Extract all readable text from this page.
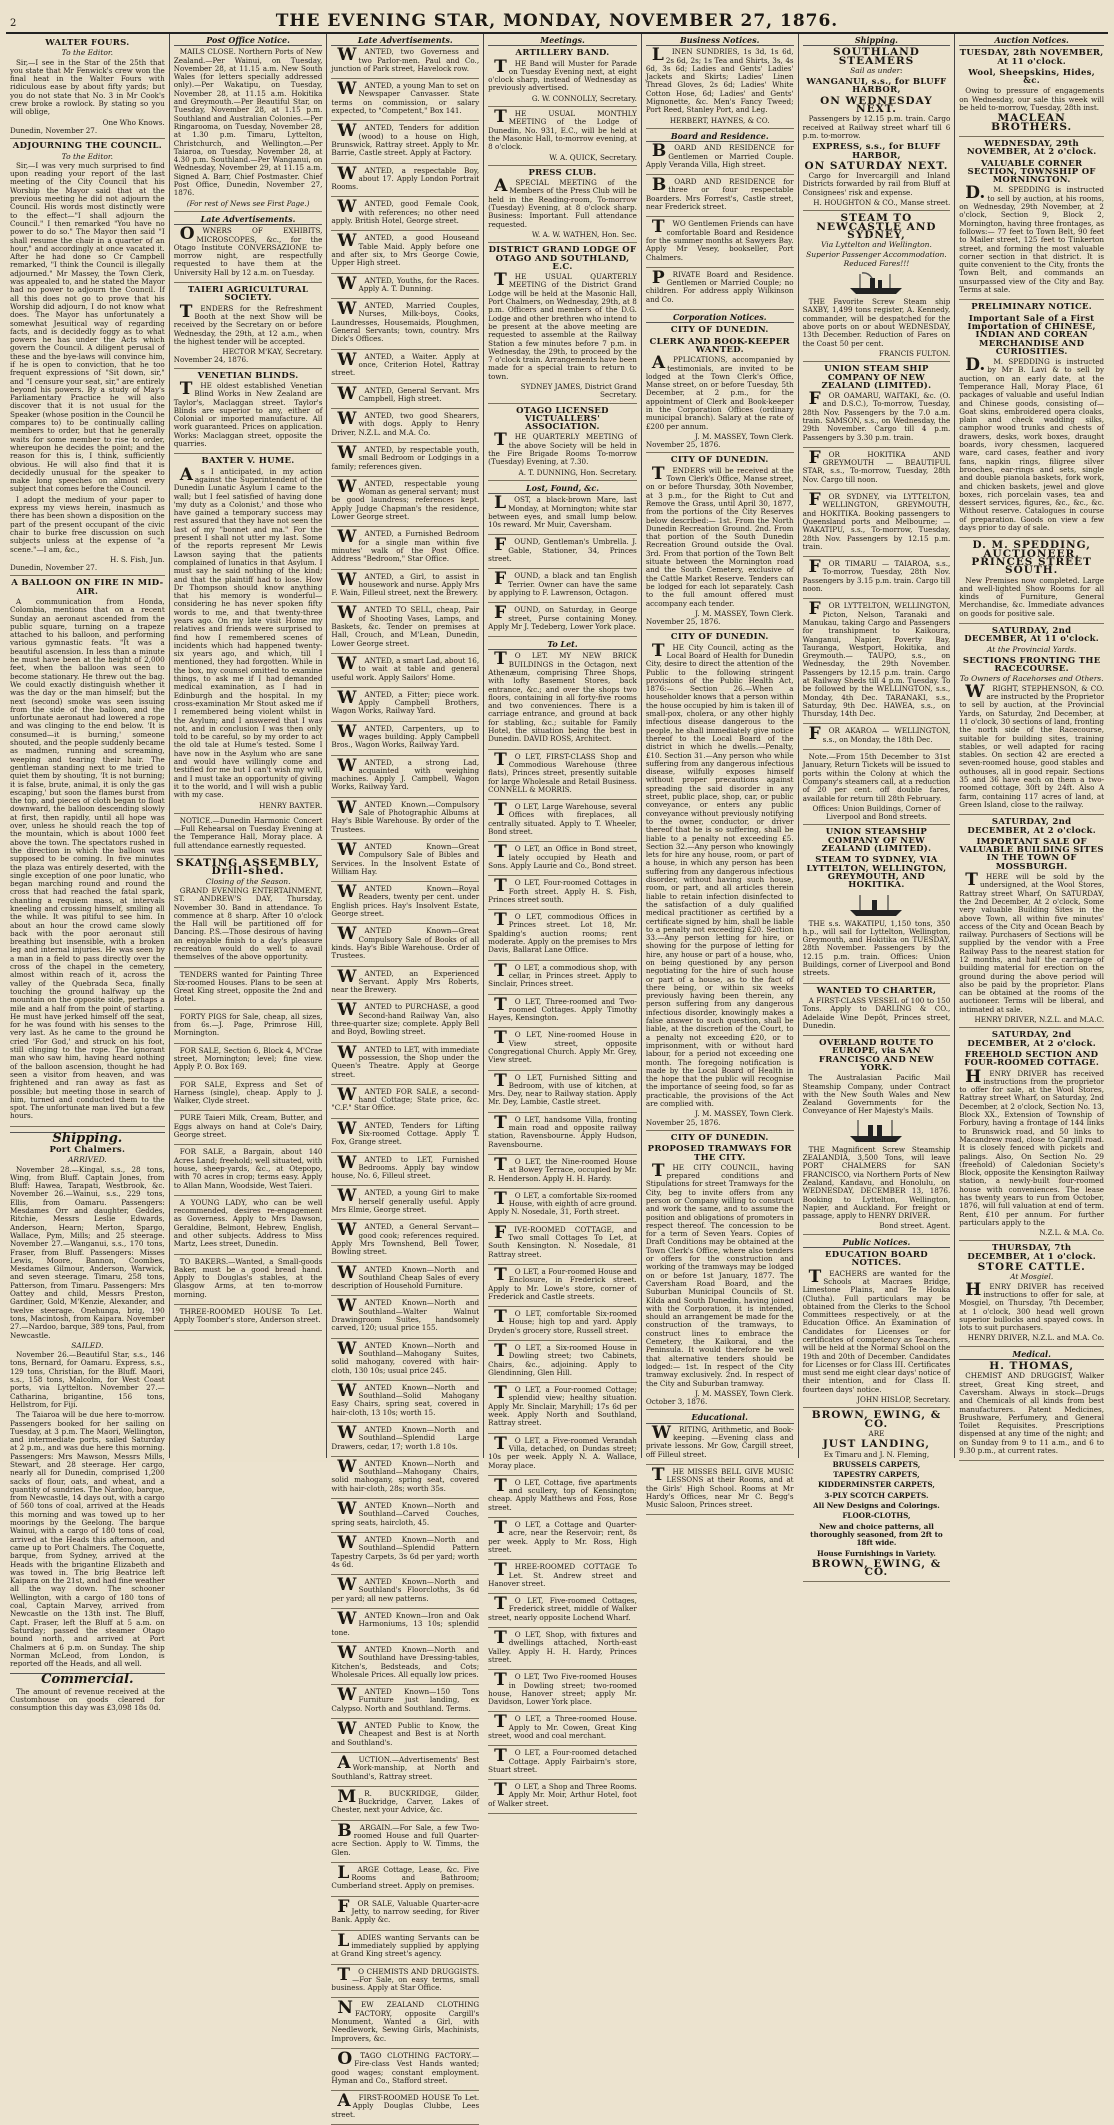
2	THE EVENING STAR, MONDAY, NOVEMBER 27, 1876.
WALTER FOURS.
To the Editor.

Sir,—I see in the Star of the 25th that you state that Mr Fenwick's crew won the final heat in the Walter Fours with ridiculous ease by about fifty yards; but you do not state that No. 3 in Mr Cook's crew broke a rowlock. By stating so you will oblige,

One Who Knows.
Dunedin, November 27.
ADJOURNING THE COUNCIL.
To the Editor.

Sir,—I was very much surprised to find upon reading your report of the last meeting of the City Council that his Worship the Mayor said that at the previous meeting he did not adjourn the Council. His words most distinctly were to the effect—"I shall adjourn the Council." I then remarked "You have no power to do so." The Mayor then said "I shall resume the chair in a quarter of an hour," and accordingly at once vacated it. After he had done so Cr Campbell remarked, "I think the Council is illegally adjourned." Mr Massey, the Town Clerk, was appealed to, and he stated the Mayor had no power to adjourn the Council. If all this does not go to prove that his Worship did adjourn, I do not know what does. The Mayor has unfortunately a somewhat Jesuitical way of regarding facts, and is decidedly foggy as to what powers he has under the Acts which govern the Council. A diligent perusal of these and the bye-laws will convince him, if he is open to conviction, that he too frequent expressions of "Sit down, sir," and "I censure your seat, sir," are entirely beyond his powers. By a study of May's Parliamentary Practice he will also discover that it is not usual for the Speaker (whose position in the Council he compares to) to be continually calling members to order, but that he generally waits for some member to rise to order, whereupon he decides the point; and the reason for this is, I think, sufficiently obvious. He will also find that it is decidedly unusual for the speaker to make long speeches on almost every subject that comes before the Council.

I adopt the medium of your paper to express my views herein, inasmuch as there has been shown a disposition on the part of the present occupant of the civic chair to burke free discussion on such subjects unless at the expense of "a scene."—I am, &c.,

H. S. Fish, Jun.
Dunedin, November 27.
A BALLOON ON FIRE IN MID-AIR.

A communication from Honda, Colombia, mentions that on a recent Sunday an aeronaut ascended from the public square, turning on a trapeze attached to his balloon, and performing various gymnastic feats. "It was a beautiful ascension. In less than a minute he must have been at the height of 2,000 feet, when the balloon was seen to become stationary. He threw out the bag. We could exactly distinguish whether it was the day or the man himself; but the next (second) smoke was seen issuing from the side of the balloon, and the unfortunate aeronaut had lowered a rope and was clinging to the end below. 'It is consumed—it is burning,' someone shouted, and the people suddenly became as madmen, running and screaming, weeping and tearing their hair. The gentleman standing next to me tried to quiet them by shouting, 'It is not burning; it is false, brute, animal, it is only the gas escaping,' but soon the flames burst from the top, and pieces of cloth began to float downward, the balloon descending slowly at first, then rapidly, until all hope was over, unless he should reach the top of the mountain, which is about 1000 feet above the town. The spectators rushed in the direction in which the balloon was supposed to be coming. In five minutes the plaza was entirely deserted, with the single exception of one poor lunatic, who began marching round and round the cross that had reached the fatal spark, chanting a requiem mass, at intervals kneeling and crossing himself, smiling all the while. It was pitiful to see him. In about an hour the crowd came slowly back with the poor aeronaut still breathing but insensible, with a broken leg and internal injuries. He was seen by a man in a field to pass directly over the cross of the chapel in the cemetery, almost within reach of it, across the valley of the Quebrada Seca, finally touching the ground halfway up the mountain on the opposite side, perhaps a mile and a half from the point of starting. He must have jerked himself off the seat, for he was found with his senses to the very last. As he came to the ground he cried 'For God,' and struck on his foot, still clinging to the rope. The ignorant man who saw him, having heard nothing of the balloon ascension, thought he had seen a visitor from heaven, and was frightened and ran away as fast as possible; but meeting those in search of him, turned and conducted them to the spot. The unfortunate man lived but a few hours.

Shipping.
Port Chalmers.
ARRIVED.

November 28.—Kingal, s.s., 28 tons, Wing, from Bluff. Captain Jones, from Bluff: Hawea, Tarapati, Westbrook, &c. November 26.—Wainui, s.s., 229 tons, Ellis, from Oamaru. Passengers: Mesdames Orr and daughter, Geddes, Ritchie, Messrs Leslie Edwards, Anderson, Hearn; Merton, Spargo, Wallace, Pym, Mills; and 25 steerage. November 27.—Wanganui, s.s., 170 tons, Fraser, from Bluff. Passengers: Misses Lewis, Moore, Bannon, Coombes, Mesdames Gilmour, Anderson, Warwick, and seven steerage. Timaru, 258 tons, Patterson, from Timaru. Passengers: Mrs Oattey and child, Messrs Preston, Gardiner, Gold, M'Kenzie, Alexander, and twelve steerage. Onehunga, brig, 190 tons, Macintosh, from Kaipara. November 27.—Nardoo, barque, 389 tons, Paul, from Newcastle.

SAILED.

November 26.—Beautiful Star, s.s., 146 tons, Bernard, for Oamaru. Express, s.s., 129 tons, Christian, for the Bluff. Maori, s.s., 158 tons, Malcolm, for West Coast ports, via Lyttelton. November 27.—Catharina, brigantine, 156 tons, Hellstrom, for Fiji.

The Taiaroa will be due here to-morrow. Passengers booked for her sailing on Tuesday, at 3 p.m. The Maori, Wellington, and intermediate ports, sailed Saturday at 2 p.m., and was due here this morning. Passengers: Mrs Mawson, Messrs Mills, Stewart, and 28 steerage. Her cargo, nearly all for Dunedin, comprised 1,200 sacks of flour, oats, and wheat, and a quantity of sundries. The Nardoo, barque, from Newcastle, 14 days out, with a cargo of 560 tons of coal, arrived at the Heads this morning and was towed up to her moorings by the Geelong. The barque Wainui, with a cargo of 180 tons of coal, arrived at the Heads this afternoon, and came up to Port Chalmers. The Coquette, barque, from Sydney, arrived at the Heads with the brigantine Elizabeth and was towed in. The brig Beatrice left Kaipara on the 21st, and had fine weather all the way down. The schooner Wellington, with a cargo of 180 tons of coal, Captain Marvey, arrived from Newcastle on the 13th inst. The Bluff, Capt. Fraser, left the Bluff at 5 a.m. on Saturday; passed the steamer Otago bound north, and arrived at Port Chalmers at 6 p.m. on Sunday. The ship Norman McLeod, from London, is reported off the Heads, and all well.

Commercial.

The amount of revenue received at the Customhouse on goods cleared for consumption this day was £3,098 18s 0d.

Post Office Notice.

MAILS CLOSE. Northern Ports of New Zealand.—Per Wainui, on Tuesday, November 28, at 11.15 a.m. New South Wales (for letters specially addressed only).—Per Wakatipu, on Tuesday, November 28, at 11.15 a.m. Hokitika and Greymouth.—Per Beautiful Star, on Tuesday, November 28, at 1.15 p.m. Southland and Australian Colonies.—Per Ringarooma, on Tuesday, November 28, at 1.30 p.m. Timaru, Lyttelton, Christchurch, and Wellington.—Per Taiaroa, on Tuesday, November 28, at 4.30 p.m. Southland.—Per Wanganui, on Wednesday, November 29, at 11.15 a.m. Signed A. Barr, Chief Postmaster. Chief Post Office, Dunedin, November 27, 1876.

(For rest of News see First Page.)
Late Advertisements.

OWNERS OF EXHIBITS, MICROSCOPES, &c., for the Otago Institute CONVERSAZIONE to-morrow night, are respectfully requested to have them at the University Hall by 12 a.m. on Tuesday.

TAIERI AGRICULTURAL SOCIETY.

TENDERS for the Refreshment Booth at the next Show will be received by the Secretary on or before Wednesday, the 29th, at 12 a.m., when the highest tender will be accepted.

HECTOR M'KAY, Secretary.
November 24, 1876.
VENETIAN BLINDS.

THE oldest established Venetian Blind Works in New Zealand are Taylor's, Maclaggan street. Taylor's Blinds are superior to any, either of Colonial or imported manufacture. All work guaranteed. Prices on application. Works: Maclaggan street, opposite the quarries.

BAXTER V. HUME.

As I anticipated, in my action against the Superintendent of the Dunedin Lunatic Asylum I came to the wall; but I feel satisfied of having done 'my duty as a Colonist,' and those who have gained a temporary success may rest assured that they have not seen the last of my "bonnet and ma." For the present I shall not utter my last. Some of the reports represent Mr Lewis Lawson saying that the patients complained of lunatics in that Asylum. I must say he said nothing of the kind; and that the plaintiff had to lose. How Dr Thompson should know anything that his memory is wonderful—considering he has never spoken fifty words to me, and that twenty-three years ago. On my late visit Home my relatives and friends were surprised to find how I remembered scenes of incidents which had happened twenty-six years ago, and which, till I mentioned, they had forgotten. While in the box, my counsel omitted to examine things, to ask me if I had demanded medical examination, as I had in Edinburgh and the hospital. In my cross-examination Mr Stout asked me if I remembered being violent whilst in the Asylum; and I answered that I was not, and in conclusion I was then only told to be careful, so by my order to act the old tale at Hume's tested. Some I have now in the Asylum who are sane and would have willingly come and testified for me but I can't wish my will, and I must take an opportunity of giving it to the world, and I will wish a public with my case.

HENRY BAXTER.

NOTICE.—Dunedin Harmonic Concert—Full Rehearsal on Tuesday Evening at the Temperance Hall, Moray place. A full attendance earnestly requested.

SKATING ASSEMBLY, Drill-shed.
Closing of the Season.

GRAND EVENING ENTERTAINMENT, ST. ANDREW'S DAY, Thursday, November 30. Band in attendance. To commence at 8 sharp. After 10 o'clock the Hall will be partitioned off for Dancing. P.S.—Those desirous of having an enjoyable finish to a day's pleasure recreation would do well to avail themselves of the above opportunity.

TENDERS wanted for Painting Three Six-roomed Houses. Plans to be seen at Great King street, opposite the 2nd and Hotel.

FORTY PIGS for Sale, cheap, all sizes, from 6s.—J. Page, Primrose Hill, Mornington.

FOR SALE, Section 6, Block 4, M'Crae street, Mornington; level; fine view. Apply P. O. Box 169.

FOR SALE, Express and Set of Harness (single), cheap. Apply to J. Walker, Clyde street.

PURE Taieri Milk, Cream, Butter, and Eggs always on hand at Cole's Dairy, George street.

FOR SALE, a Bargain, about 140 Acres Land; freehold; well situated, with house, sheep-yards, &c., at Otepopo, with 70 acres in crop; terms easy. Apply to Allan Mann, Woodside, West Taieri.

A YOUNG LADY, who can be well recommended, desires re-engagement as Governess. Apply to Mrs Dawson, Geraldine, Belmont, Hebrew, English, and other subjects. Address to Miss Martz, Lees street, Dunedin.

TO BAKERS.—Wanted, a Small-goods Baker, must be a good bread hand. Apply to Douglas's stables, at the Glasgow Arms, at ten to-morrow morning.

THREE-ROOMED HOUSE To Let. Apply Toomber's store, Anderson street.

Late Advertisements.

WANTED, two Governess and two Parlor-men. Paul and Co., junction of Park street, Havelock row.

WANTED, a young Man to set on Newspaper Canvasser. State terms on commission, or salary expected, to "Competent," Box 141.

WANTED, Tenders for addition (wood) to a house on High, Brunswick, Rattray street. Apply to Mr. Barrie, Castle street. Apply at Factory.

WANTED, a respectable Boy, about 17. Apply London Portrait Rooms.

WANTED, good Female Cook, with references; no other need apply. British Hotel, George street.

WANTED, a good Houseand Table Maid. Apply before one and after six, to Mrs George Cowie, Upper High street.

WANTED, Youths, for the Races. Apply A. T. Dunning.

WANTED, Married Couples, Nurses, Milk-boys, Cooks, Laundresses, Housemaids, Ploughmen, General Servants; town, country. Mrs Dick's Offices.

WANTED, a Waiter. Apply at once, Criterion Hotel, Rattray street.

WANTED, General Servant. Mrs Campbell, High street.

WANTED, two good Shearers, with dogs. Apply to Henry Driver, N.Z.L. and M.A. Co.

WANTED, by respectable youth, small Bedroom or Lodgings in a family; references given.

WANTED, respectable young Woman as general servant; must be good laundress; references kept. Apply Judge Chapman's the residence, Lower George street.

WANTED, a Furnished Bedroom for a single man within five minutes' walk of the Post Office. Address "Bedroom," Star Office.

WANTED, a Girl, to assist in housework and nurse. Apply Mrs F. Wain, Filleul street, next the Brewery.

WANTED TO SELL, cheap, Pair of Shooting Vases, Lamps, and Baskets, &c. Tender on premises at Hall, Crouch, and M'Lean, Dunedin, Lower George street.

WANTED, a smart Lad, about 16, to wait at table and general useful work. Apply Sailors' Home.

WANTED, a Fitter; piece work. Apply Campbell Brothers, Wagon Works, Railway Yard.

WANTED, Carpenters, up to wages building. Apply Campbell Bros., Wagon Works, Railway Yard.

WANTED, a strong Lad, acquainted with weighing machines. Apply J. Campbell, Wagon Works, Railway Yard.

WANTED Known.—Compulsory Sale of Photographic Albums at Hay's Bible Warehouse. By order of the Trustees.

WANTED Known—Great Compulsory Sale of Bibles and Services. In the Insolvent Estate of William Hay.

WANTED Known—Royal Readers, twenty per cent. under English prices. Hay's Insolvent Estate, George street.

WANTED Known—Great Compulsory Sale of Books of all kinds. Hay's Bible Warehouse. Order of Trustees.

WANTED, an Experienced Servant. Apply Mrs Roberts, near the Brewery.

WANTED to PURCHASE, a good Second-hand Railway Van, also three-quarter size; complete. Apply Bell and Boyd, Bowling street.

WANTED to LET, with immediate possession, the Shop under the Queen's Theatre. Apply at George street.

WANTED FOR SALE, a second-hand Cottage; State price, &c. "C.F." Star Office.

WANTED, Tenders for Lifting Six-roomed Cottage. Apply T. Fox, Grange street.

WANTED to LET, Furnished Bedrooms. Apply bay window house, No. 6, Filleul street.

WANTED, a young Girl to make herself generally useful. Apply Mrs Elmie, George street.

WANTED, a General Servant—good cook; references required. Apply Mrs Townshend, Bell Tower, Bowling street.

WANTED Known—North and Southland Cheap Sales of every description of Household Furniture.

WANTED Known—North and Southland—Walter Walnut Drawingroom Suites, handsomely carved, 120; usual price 155.

WANTED Known—North and Southland—Mahogany Suites, solid mahogany, covered with hair-cloth, 130 10s; usual price 245.

WANTED Known—North and Southland—Solid Mahogany Easy Chairs, spring seat, covered in hair-cloth, 13 10s; worth 15.

WANTED Known—North and Southland—Splendid Large Drawers, cedar, 17; worth 1.8 10s.

WANTED Known—North and Southland—Mahogany Chairs, solid mahogany, spring seat, covered with hair-cloth, 28s; worth 35s.

WANTED Known—North and Southland—Carved Couches, spring seats, haircloth, 45.

WANTED Known—North and Southland—Splendid Pattern Tapestry Carpets, 3s 6d per yard; worth 4s 6d.

WANTED Known—North and Southland's Floorcloths, 3s 6d per yard; all new patterns.

WANTED Known—Iron and Oak Harmoniums, 13 10s; splendid tone.

WANTED Known—North and Southland have Dressing-tables, Kitchen's, Bedsteads, and Cots; Wholesale Prices. All equally low prices.

WANTED Known—150 Tons Furniture just landing, ex Calypso. North and Southland. Terms.

WANTED Public to Know, the Cheapest and Best is at North and Southland's.

AUCTION.—Advertisements' Best Work-manship, at North and Southland's, Rattray street.

MR. BUCKRIDGE, Gilder, Buckridge, Carver, Lakes of Chester, next your Advice, &c.

BARGAIN.—For Sale, a few Two-roomed House and full Quarter-acre Section. Apply to W. Timms, the Glen.

LARGE Cottage, Lease, &c. Five Rooms and Bathroom; Cumberland street. Apply on premises.

FOR SALE, Valuable Quarter-acre Jetty, to narrow seeding, for River Bank. Apply &c.

LADIES wanting Servants can be immediately supplied by applying at Grand King street's agency.

TO CHEMISTS AND DRUGGISTS.—For Sale, on easy terms, small business. Apply at Star Office.

NEW ZEALAND CLOTHING FACTORY, opposite Cargill's Monument, Wanted a Girl, with Needlework, Sewing Girls, Machinists, Improvers, &c.

OTAGO CLOTHING FACTORY.—Fire-class Vest Hands wanted; good wages; constant employment. Hyman and Co., Stafford street.

AFIRST-ROOMED HOUSE To Let. Apply Douglas Clubbe, Lees street.

Meetings.
ARTILLERY BAND.

THE Band will Muster for Parade on Tuesday Evening next, at eight o'clock sharp, instead of Wednesday as previously advertised.

G. W. CONNOLLY, Secretary.

THE USUAL MONTHLY MEETING of the Lodge of Dunedin, No. 931, E.C., will be held at the Masonic Hall, to-morrow evening, at 8 o'clock.

W. A. QUICK, Secretary.
PRESS CLUB.

ASPECIAL MEETING of the Members of the Press Club will be held in the Reading-room, To-morrow (Tuesday) Evening, at 8 o'clock sharp. Business: Important. Full attendance requested.

W. A. W. WATHEN, Hon. Sec.
DISTRICT GRAND LODGE OF OTAGO AND SOUTHLAND, E.C.

THE USUAL QUARTERLY MEETING of the District Grand Lodge will be held at the Masonic Hall, Port Chalmers, on Wednesday, 29th, at 8 p.m. Officers and members of the D.G. Lodge and other brethren who intend to be present at the above meeting are requested to assemble at the Railway Station a few minutes before 7 p.m. in Wednesday, the 29th, to proceed by the 7 o'clock train. Arrangements have been made for a special train to return to town.

SYDNEY JAMES, District Grand Secretary.
OTAGO LICENSED VICTUALLERS' ASSOCIATION.

THE QUARTERLY MEETING of the above Society will be held in the Fire Brigade Rooms To-morrow (Tuesday) Evening, at 7.30.

A. T. DUNNING, Hon. Secretary.
Lost, Found, &c.

LOST, a black-brown Mare, last Monday, at Mornington; white star between eyes, and small lump below. 10s reward. Mr Muir, Caversham.

FOUND, Gentleman's Umbrella. J. Gable, Stationer, 34, Princes street.

FOUND, a black and tan English Terrier. Owner can have the same by applying to F. Lawrenson, Octagon.

FOUND, on Saturday, in George street, Purse containing Money. Apply Mr J. Tedeberg, Lower York place.

To Let.

TO LET. MY NEW BRICK BUILDINGS in the Octagon, next Athenæum, comprising Three Shops, with lofty Basement Stores, back entrance, &c.; and over the shops two floors, containing in all forty-five rooms and two conveniences. There is a carriage entrance, and ground at back for stabling, &c.; suitable for Family Hotel, the situation being the best in Dunedin. DAVID ROSS, Architect.

TO LET, FIRST-CLASS Shop and Commodious Warehouse (three flats), Princes street, presently suitable for large Wholesale and Retail Business. CONNELL & MORRIS.

TO LET, Large Warehouse, several Offices with fireplaces, all centrally situated. Apply to T. Wheeler, Bond street.

TO LET, an Office in Bond street, lately occupied by Heath and Sons. Apply Laurie and Co., Bond street.

TO LET, Four-roomed Cottages in Forth street. Apply H. S. Fish, Princes street south.

TO LET, commodious Offices in Princes street. Lot 18, Mr. Spalding's auction rooms; rent moderate. Apply on the premises to Mrs Davis, Ballarat Lane Office.

TO LET, a commodious shop, with cellar, in Princes street. Apply to Sinclair, Princes street.

TO LET, Three-roomed and Two-roomed Cottages. Apply Timothy Hayes, Kensington.

TO LET, Nine-roomed House in View street, opposite Congregational Church. Apply Mr. Grey, View street.

TO LET, Furnished Sitting and Bedroom, with use of kitchen, at Mrs. Dey, near to Railway station. Apply Mr. Dey, Lambie, Castle street.

TO LET, handsome Villa, fronting main road and opposite railway station, Ravensbourne. Apply Hudson, Ravensbourne.

TO LET, the Nine-roomed House at Bowey Terrace, occupied by Mr. R. Henderson. Apply H. H. Hardy.

TO LET, a comfortable Six-roomed House, with eighth of acre ground. Apply N. Nosedale, 31, Forth street.

FIVE-ROOMED COTTAGE, and Two small Cottages To Let, at South Kensington. N. Nosedale, 81 Rattray street.

TO LET, a Four-roomed House and Enclosure, in Frederick street. Apply to Mr. Lowe's store, corner of Frederick and Castle streets.

TO LET, comfortable Six-roomed House; high top and yard. Apply Dryden's grocery store, Russell street.

TO LET, a Six-roomed House in Dowling street; two Cabinets, Chairs, &c., adjoining. Apply to Glendinning, Glen Hill.

TO LET, a Four-roomed Cottage; splendid view; healthy situation. Apply Mr. Sinclair, Maryhill; 17s 6d per week. Apply North and Southland, Rattray street.

TO LET, a Five-roomed Verandah Villa, detached, on Dundas street; 10s per week. Apply N. A. Wallace, Moray place.

TO LET, Cottage, five apartments and scullery, top of Kensington; cheap. Apply Matthews and Foss, Rose street.

TO LET, a Cottage and Quarter-acre, near the Reservoir; rent, 8s per week. Apply to Mr. Ross, High street.

THREE-ROOMED COTTAGE To Let. St. Andrew street and Hanover street.

TO LET, Five-roomed Cottages, Frederick street, middle of Walker street, nearly opposite Lochend Wharf.

TO LET, Shop, with fixtures and dwellings attached, North-east Valley. Apply H. H. Hardy, Princes street.

TO LET, Two Five-roomed Houses in Dowling street; two-roomed house, Hanover street; apply Mr. Davidson, Lower York place.

TO LET, a Three-roomed House. Apply to Mr. Cowen, Great King street, wood and coal merchant.

TO LET, a Four-roomed detached Cottage. Apply Fairbairn's store, Stuart street.

TO LET, a Shop and Three Rooms. Apply Mr. Moir, Arthur Hotel, foot of Walker street.

Business Notices.

LINEN SUNDRIES, 1s 3d, 1s 6d, 2s 6d, 2s; 1s Tea and Shirts, 3s, 4s 6d, 3s 6d; Ladies and Gents' Ladies' Jackets and Skirts; Ladies' Linen Thread Gloves, 2s 6d; Ladies' White Cotton Hose, 6d; Ladies' and Gents' Mignonette, &c. Men's Fancy Tweed; Port Reed, Stanley Port, and Leg.

HERBERT, HAYNES, & CO.
Board and Residence.

BOARD AND RESIDENCE for Gentlemen or Married Couple. Apply Veranda Villa, High street.

BOARD AND RESIDENCE for three or four respectable Boarders. Mrs Forrest's, Castle street, near Frederick street.

TWO Gentlemen Friends can have comfortable Board and Residence for the summer months at Sawyers Bay. Apply Mr Vesey, bookseller, Port Chalmers.

PRIVATE Board and Residence. Gentlemen or Married Couple; no children. For address apply Wilkinson and Co.

Corporation Notices.
CITY OF DUNEDIN.
CLERK AND BOOK-KEEPER WANTED.

APPLICATIONS, accompanied by testimonials, are invited to be lodged at the Town Clerk's Office, Manse street, on or before Tuesday, 5th December, at 2 p.m., for the appointment of Clerk and Book-keeper in the Corporation Offices (ordinary municipal branch). Salary at the rate of £200 per annum.

J. M. MASSEY, Town Clerk.
November 25, 1876.
CITY OF DUNEDIN.

TENDERS will be received at the Town Clerk's Office, Manse street, on or before Thursday, 30th November, at 3 p.m., for the Right to Cut and Remove the Grass, until April 30, 1877, from the portions of the City Reserves below described:— 1st. From the North Dunedin Recreation Ground. 2nd. From that portion of the South Dunedin Recreation Ground outside the Oval. 3rd. From that portion of the Town Belt situate between the Mornington road and the South Cemetery, exclusive of the Cattle Market Reserve. Tenders can be lodged for each lot separately. Cash to the full amount offered must accompany each tender.

J. M. MASSEY, Town Clerk.
November 25, 1876.
CITY OF DUNEDIN.

THE City Council, acting as the Local Board of Health for Dunedin City, desire to direct the attention of the Public to the following stringent provisions of the Public Health Act, 1876:— Section 26.—When a householder knows that a person within the house occupied by him is taken ill of small-pox, cholera, or any other highly infectious disease dangerous to the people, he shall immediately give notice thereof to the Local Board of the district in which he dwells.—Penalty, £10. Section 31.—Any person who while suffering from any dangerous infectious disease, wilfully exposes himself without proper precautions against spreading the said disorder in any street, public place, shop, car, or public conveyance, or enters any public conveyance without previously notifying to the owner, conductor, or driver thereof that he is so suffering, shall be liable to a penalty not exceeding £5. Section 32.—Any person who knowingly lets for hire any house, room, or part of a house, in which any person has been suffering from any dangerous infectious disorder, without having such house, room, or part, and all articles therein liable to retain infection disinfected to the satisfaction of a duly qualified medical practitioner as certified by a certificate signed by him, shall be liable to a penalty not exceeding £20. Section 33.—Any person letting for hire, or showing for the purpose of letting for hire, any house or part of a house, who, on being questioned by any person negotiating for the hire of such house or part of a house, as to the fact of there being, or within six weeks previously having been therein, any person suffering from any dangerous infectious disorder, knowingly makes a false answer to such question, shall be liable, at the discretion of the Court, to a penalty not exceeding £20, or to imprisonment, with or without hard labour, for a period not exceeding one month. The foregoing notification is made by the Local Board of Health in the hope that the public will recognise the importance of seeing food, so far as practicable, the provisions of the Act are complied with.

J. M. MASSEY, Town Clerk.
November 25, 1876.
CITY OF DUNEDIN.
PROPOSED TRAMWAYS FOR THE CITY.

THE CITY COUNCIL, having prepared conditions and Stipulations for street Tramways for the City, beg to invite offers from any person or Company willing to construct and work the same, and to assume the position and obligations of promoters in respect thereof. The concession to be for a term of Seven Years. Copies of Draft Conditions may be obtained at the Town Clerk's Office, where also tenders or offers for the construction and working of the tramways may be lodged on or before 1st January, 1877. The Caversham Road Board, and the Suburban Municipal Councils of St. Kilda and South Dunedin, having joined with the Corporation, it is intended, should an arrangement be made for the construction of the tramways, to construct lines to embrace the Cemetery, the Kaikorai, and the Peninsula. It would therefore be well that alternative tenders should be lodged:— 1st. In respect of the City tramway exclusively. 2nd. In respect of the City and Suburban tramway.

J. M. MASSEY, Town Clerk.
October 3, 1876.
Educational.

WRITING, Arithmetic, and Book-keeping. —Evening class and private lessons. Mr Gow, Cargill street, off Filleul street.

THE MISSES BELL GIVE MUSIC LESSONS at their Rooms, and at the Girls' High School. Rooms at Mr Hardy's Offices, near Mr C. Begg's Music Saloon, Princes street.

Shipping.
SOUTHLAND STEAMERS
Sail as under:
WANGANUI, s.s., for BLUFF HARBOR,
ON WEDNESDAY NEXT.

Passengers by 12.15 p.m. train. Cargo received at Railway street wharf till 6 p.m. to-morrow.

EXPRESS, s.s., for BLUFF HARBOR,
ON SATURDAY NEXT.

Cargo for Invercargill and Inland Districts forwarded by rail from Bluff at Consignees' risk and expense.

H. HOUGHTON & CO., Manse street.
STEAM TO NEWCASTLE AND SYDNEY,
Via Lyttelton and Wellington.
Superior Passenger Accommodation.
Reduced Fares!!!

THE Favorite Screw Steam ship SAXBY, 1,499 tons register, A. Kennedy, commander, will be despatched for the above ports on or about WEDNESDAY, 13th December. Reduction of Fares on the Coast 50 per cent.

FRANCIS FULTON.
UNION STEAM SHIP COMPANY OF NEW ZEALAND (LIMITED).

FOR OAMARU, WAITAKI, &c. (O. and D.S.C.), To-morrow, Tuesday, 28th Nov. Passengers by the 7.0 a.m. train. SAMSON, s.s., on Wednesday, the 29th November. Cargo till 4 p.m. Passengers by 3.30 p.m. train.

FOR HOKITIKA AND GREYMOUTH — BEAUTIFUL STAR, s.s., To-morrow, Tuesday, 28th Nov. Cargo till noon.

FOR SYDNEY, via LYTTELTON, WELLINGTON, GREYMOUTH, and HOKITIKA. Booking passengers to Queensland ports and Melbourne; — WAKATIPU, s.s., To-morrow, Tuesday, 28th Nov. Passengers by 12.15 p.m. train.

FOR TIMARU — TAIAROA, s.s., To-morrow, Tuesday, 28th Nov. Passengers by 3.15 p.m. train. Cargo till noon.

FOR LYTTELTON, WELLINGTON, Picton, Nelson, Taranaki and Manukau, taking Cargo and Passengers for transhipment to Kaikoura, Wanganui, Napier, Poverty Bay, Tauranga, Westport, Hokitika, and Greymouth.— TAUPO, s.s., on Wednesday, the 29th November. Passengers by 12.15 p.m. train. Cargo at Railway Sheds till 4 p.m. Tuesday. To be followed by the WELLINGTON, s.s., Monday, 4th Dec. TARANAKI, s.s., Saturday, 9th Dec. HAWEA, s.s., on Thursday, 14th Dec.

FOR AKAROA — WELLINGTON, s.s., on Monday, the 18th Dec.

Note.—From 15th December to 31st January, Return Tickets will be issued to ports within the Colony at which the Company's steamers call, at a reduction of 20 per cent. off double fares, available for return till 28th February.

Offices: Union Buildings, Corner of Liverpool and Bond streets.
UNION STEAMSHIP COMPANY OF NEW ZEALAND (LIMITED).
STEAM TO SYDNEY, VIA LYTTELTON, WELLINGTON, GREYMOUTH, AND HOKITIKA.

THE s.s. WAKATIPU, 1,150 tons, 350 h.p., will sail for Lyttelton, Wellington, Greymouth, and Hokitika on TUESDAY, 28th November. Passengers by the 12.15 p.m. train. Offices: Union Buildings, corner of Liverpool and Bond streets.

WANTED TO CHARTER,

A FIRST-CLASS VESSEL of 100 to 150 Tons. Apply to DARLING & CO., Adelaide Wine Depôt, Princes street, Dunedin.

OVERLAND ROUTE TO EUROPE, via SAN FRANCISCO AND NEW YORK.

The Australasian Pacific Mail Steamship Company, under Contract with the New South Wales and New Zealand Governments for the Conveyance of Her Majesty's Mails.

THE Magnificent Screw Steamship ZEALANDIA, 3,500 Tons, will leave PORT CHALMERS for SAN FRANCISCO, via Northern Ports of New Zealand, Kandavu, and Honolulu, on WEDNESDAY, DECEMBER 13, 1876. Booking to Lyttelton, Wellington, Napier, and Auckland. For freight or passage, apply to HENRY DRIVER.

Bond street. Agent.
Public Notices.
EDUCATION BOARD NOTICES.

TEACHERS are wanted for the Schools at Macraes Bridge, Limestone Plains, and Te Houka (Clutha). Full particulars may be obtained from the Clerks to the School Committees respectively, or at the Education Office. An Examination of Candidates for Licenses or for certificates of competency as Teachers, will be held at the Normal School on the 19th and 20th of December. Candidates for Licenses or for Class III. Certificates must send me eight clear days' notice of their intention, and for Class II. fourteen days' notice.

JOHN HISLOP, Secretary.
BROWN, EWING, & CO.
ARE
JUST LANDING,
Ex Timaru and J. N. Fleming,
BRUSSELS CARPETS,
TAPESTRY CARPETS,
KIDDERMINSTER CARPETS,
3-PLY SCOTCH CARPETS.
All New Designs and Colorings.
FLOOR-CLOTHS,
New and choice patterns, all thoroughly seasoned, from 2ft to 18ft wide.
House Furnishings in Variety.
BROWN, EWING, & CO.
Auction Notices.
TUESDAY, 28th NOVEMBER, At 11 o'clock.
Wool, Sheepskins, Hides, &c.

Owing to pressure of engagements on Wednesday, our sale this week will be held to-morrow, Tuesday, 28th inst.

MACLEAN BROTHERS.
WEDNESDAY, 29th NOVEMBER, At 2 o'clock.
VALUABLE CORNER SECTION, TOWNSHIP OF MORNINGTON.

D.M. SPEDDING is instructed to sell by auction, at his rooms, on Wednesday, 29th November, at 2 o'clock, Section 9, Block 2, Mornington, having three frontages, as follows:— 77 feet to Town Belt, 90 feet to Mailer street, 125 feet to Tinkerton street, and forming the most valuable corner section in that district. It is quite convenient to the City, fronts the Town Belt, and commands an unsurpassed view of the City and Bay. Terms at sale.

PRELIMINARY NOTICE.
Important Sale of a First Importation of CHINESE, INDIAN AND COREAN MERCHANDISE AND CURIOSITIES.

D.M. SPEDDING is instructed by Mr B. Lavi & to sell by auction, on an early date, at the Temperance Hall, Moray Place, 61 packages of valuable and useful Indian and Chinese goods, consisting of— Goat skins, embroidered opera cloaks, plain and check wadding silks, camphor wood trunks and chests of drawers, desks, work boxes, draught boards, ivory chessmen, lacquered ware, card cases, feather and ivory fans, napkin rings, filigree silver brooches, ear-rings and sets, single and double pianola baskets, fork work, and chicken baskets, jewel and glove boxes, rich porcelain vases, tea and dessert services, figures, &c., &c., &c. Without reserve. Catalogues in course of preparation. Goods on view a few days prior to day of sale.

D. M. SPEDDING, AUCTIONEER, PRINCES STREET SOUTH.

New Premises now completed. Large and well-lighted Show Rooms for all kinds of Furniture, General Merchandise, &c. Immediate advances on goods for positive sale.

SATURDAY, 2nd DECEMBER, At 11 o'clock.
At the Provincial Yards.
SECTIONS FRONTING THE RACECOURSE.
To Owners of Racehorses and Others.

WRIGHT, STEPHENSON, & CO. are instructed by the Proprietor to sell by auction, at the Provincial Yards, on Saturday, 2nd December, at 11 o'clock, 30 sections of land, fronting the north side of the Racecourse, suitable for building sites, training stables, or well adapted for racing stables. On section 42 are erected a seven-roomed house, good stables and outhouses, all in good repair. Sections 35 and 36 have each on them a two-roomed cottage, 30ft by 24ft. Also A farm, containing 117 acres of land, at Green Island, close to the railway.

SATURDAY, 2nd DECEMBER, At 2 o'clock.
IMPORTANT SALE OF VALUABLE BUILDING SITES IN THE TOWN OF MOSSBURGH.

THERE will be sold by the undersigned, at the Wool Stores, Rattray street Wharf, On SATURDAY, the 2nd December, At 2 o'clock, Some very valuable Building Sites in the above Town, all within five minutes' access of the City and Ocean Beach by railway. Purchasers of Sections will be supplied by the vendor with a Free Railway Pass to the nearest station for 12 months, and half the carriage of building material for erection on the ground during the above period will also be paid by the proprietor. Plans can be obtained at the rooms of the auctioneer. Terms will be liberal, and intimated at sale.

HENRY DRIVER, N.Z.L. and M.A.C.
SATURDAY, 2nd DECEMBER, At 2 o'clock.
FREEHOLD SECTION AND FOUR-ROOMED COTTAGE.

HENRY DRIVER has received instructions from the proprietor to offer for sale, at the Wool Stores, Rattray street Wharf, on Saturday, 2nd December, at 2 o'clock, Section No. 13, Block XX., Extension of Township of Forbury, having a frontage of 144 links to Brunswick road, and 50 links to Macandrew road, close to Cargill road. It is closely fenced with pickets and palings. Also, On Section No. 29 (freehold) of Caledonian Society's Block, opposite the Kensington Railway station, a newly-built four-roomed house with conveniences. The lease has twenty years to run from October, 1876, will full valuation at end of term. Rent, £10 per annum. For further particulars apply to the

N.Z.L. & M.A. Co.
THURSDAY, 7th DECEMBER, At 1 o'clock.
STORE CATTLE.
At Mosgiel.

HENRY DRIVER has received instructions to offer for sale, at Mosgiel, on Thursday, 7th December, at 1 o'clock, 300 head well grown superior bullocks and spayed cows. In lots to suit purchasers.

HENRY DRIVER, N.Z.L. and M.A. Co.
Medical.
H. THOMAS,

CHEMIST AND DRUGGIST, Walker street, Great King street, and Caversham. Always in stock—Drugs and Chemicals of all kinds from best manufacturers. Patent Medicines, Brushware, Perfumery, and General Toilet Requisites. Prescriptions dispensed at any time of the night; and on Sunday from 9 to 11 a.m., and 6 to 9.30 p.m., at current rates.
